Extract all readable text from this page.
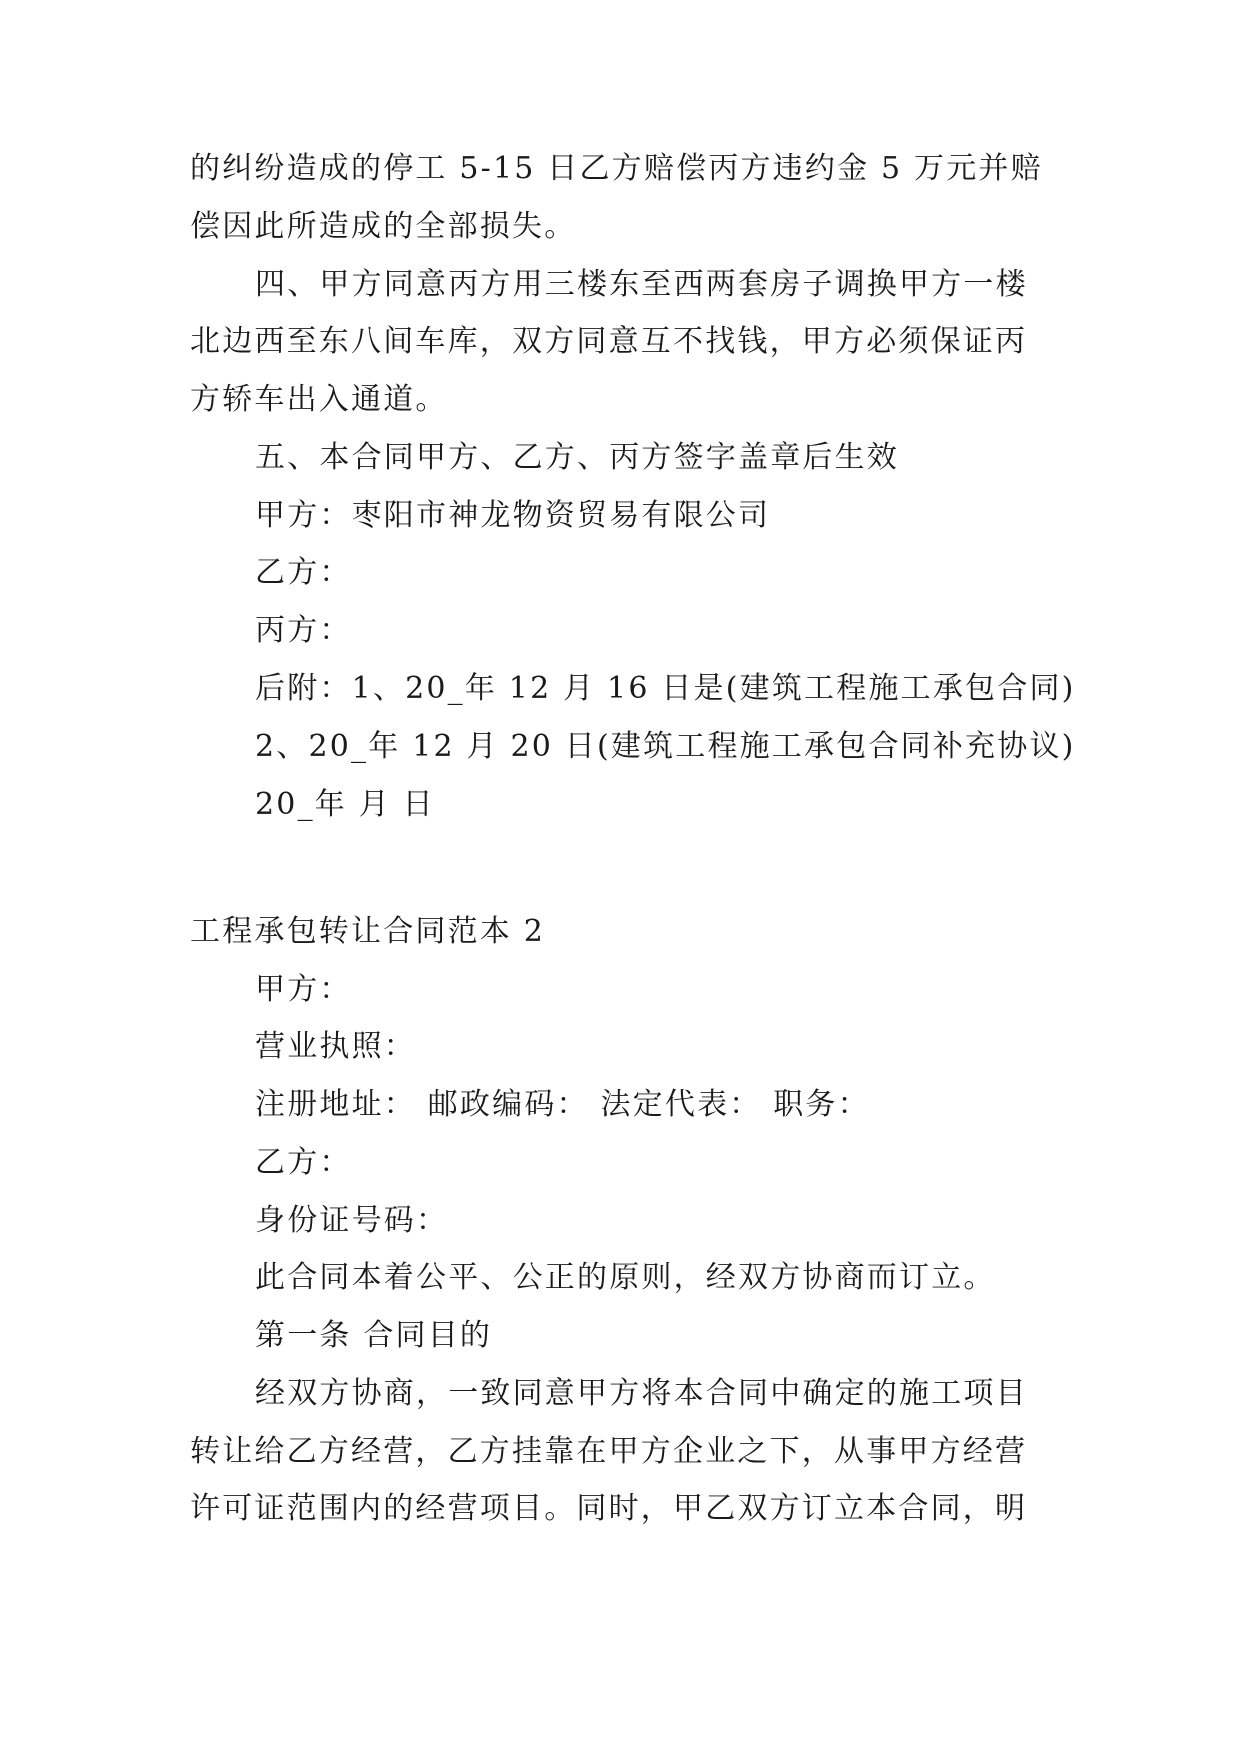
的纠纷造成的停工 5-15 日乙方赔偿丙方违约金 5 万元并赔
偿因此所造成的全部损失。
四、甲方同意丙方用三楼东至西两套房子调换甲方一楼
北边西至东八间车库，双方同意互不找钱，甲方必须保证丙
方轿车出入通道。
五、本合同甲方、乙方、丙方签字盖章后生效
甲方：枣阳市神龙物资贸易有限公司
乙方：
丙方：
后附：1、20_年 12 月 16 日是(建筑工程施工承包合同)
2、20_年 12 月 20 日(建筑工程施工承包合同补充协议)
20_年 月 日
工程承包转让合同范本 2
甲方：
营业执照：
注册地址： 邮政编码： 法定代表： 职务：
乙方：
身份证号码：
此合同本着公平、公正的原则，经双方协商而订立。
第一条 合同目的
经双方协商，一致同意甲方将本合同中确定的施工项目
转让给乙方经营，乙方挂靠在甲方企业之下，从事甲方经营
许可证范围内的经营项目。同时，甲乙双方订立本合同，明
